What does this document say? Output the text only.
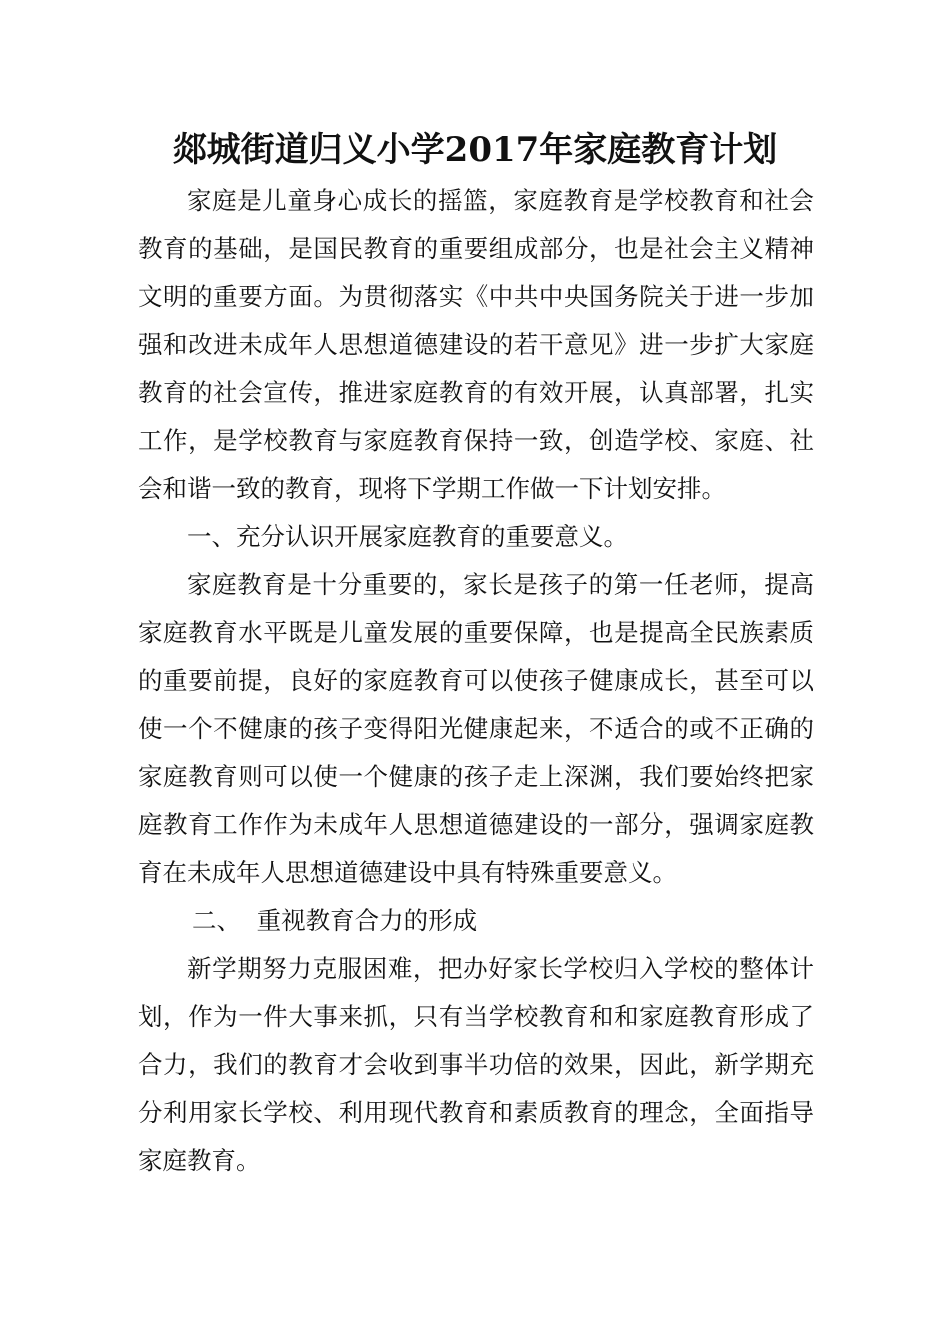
郯城街道归义小学2017年家庭教育计划

家庭是儿童身心成长的摇篮，家庭教育是学校教育和社会教育的基础，是国民教育的重要组成部分，也是社会主义精神文明的重要方面。为贯彻落实《中共中央国务院关于进一步加强和改进未成年人思想道德建设的若干意见》进一步扩大家庭教育的社会宣传，推进家庭教育的有效开展，认真部署，扎实工作，是学校教育与家庭教育保持一致，创造学校、家庭、社会和谐一致的教育，现将下学期工作做一下计划安排。

一、充分认识开展家庭教育的重要意义。

家庭教育是十分重要的，家长是孩子的第一任老师，提高家庭教育水平既是儿童发展的重要保障，也是提高全民族素质的重要前提，良好的家庭教育可以使孩子健康成长，甚至可以使一个不健康的孩子变得阳光健康起来，不适合的或不正确的家庭教育则可以使一个健康的孩子走上深渊，我们要始终把家庭教育工作作为未成年人思想道德建设的一部分，强调家庭教育在未成年人思想道德建设中具有特殊重要意义。

二、  重视教育合力的形成

新学期努力克服困难，把办好家长学校归入学校的整体计划，作为一件大事来抓，只有当学校教育和和家庭教育形成了合力，我们的教育才会收到事半功倍的效果，因此，新学期充分利用家长学校、利用现代教育和素质教育的理念，全面指导家庭教育。
